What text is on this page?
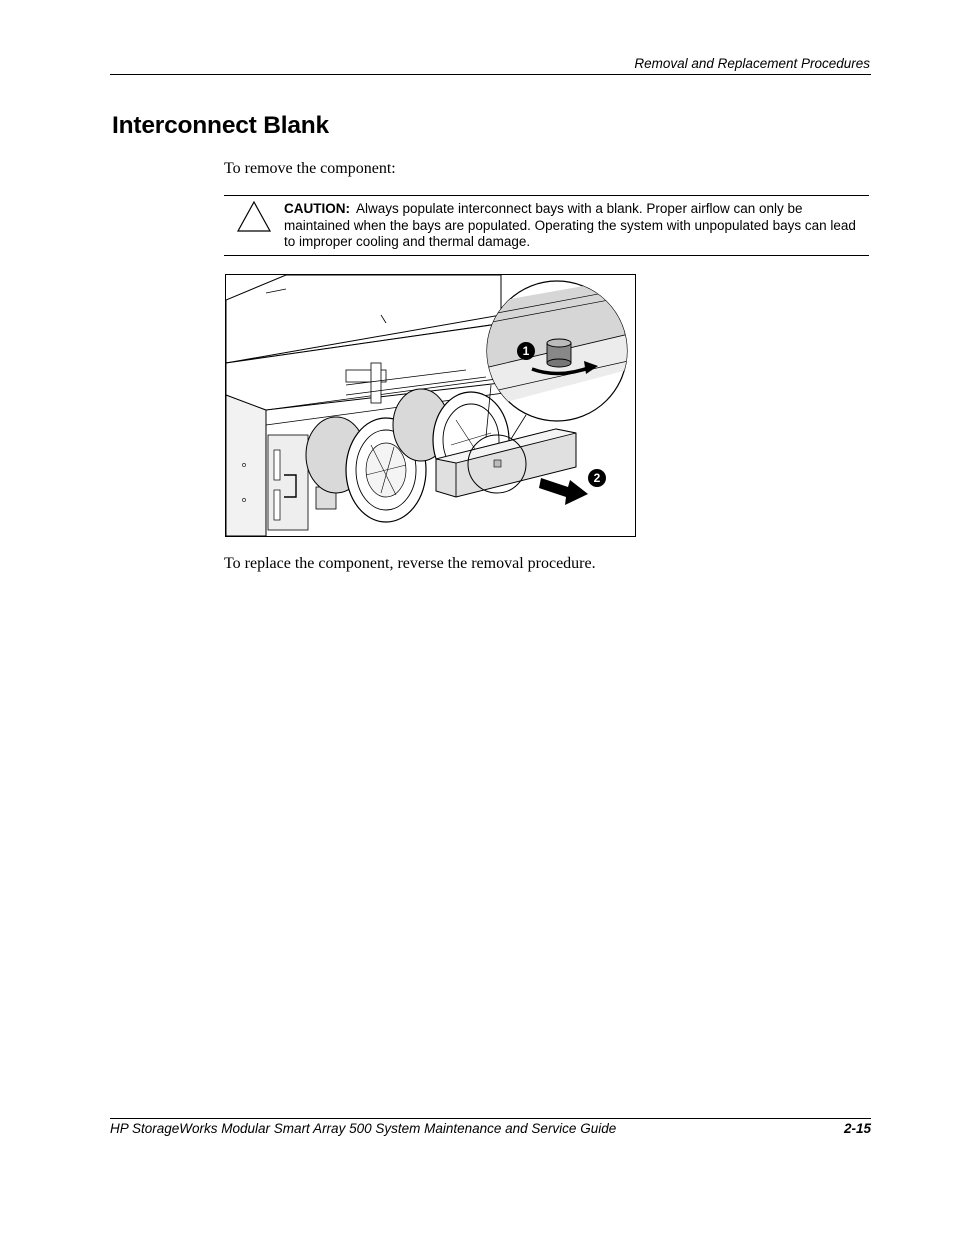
Removal and Replacement Procedures
Interconnect Blank
To remove the component:
CAUTION: Always populate interconnect bays with a blank. Proper airflow can only be maintained when the bays are populated. Operating the system with unpopulated bays can lead to improper cooling and thermal damage.
1
2
To replace the component, reverse the removal procedure.
HP StorageWorks Modular Smart Array 500 System Maintenance and Service Guide	2-15
